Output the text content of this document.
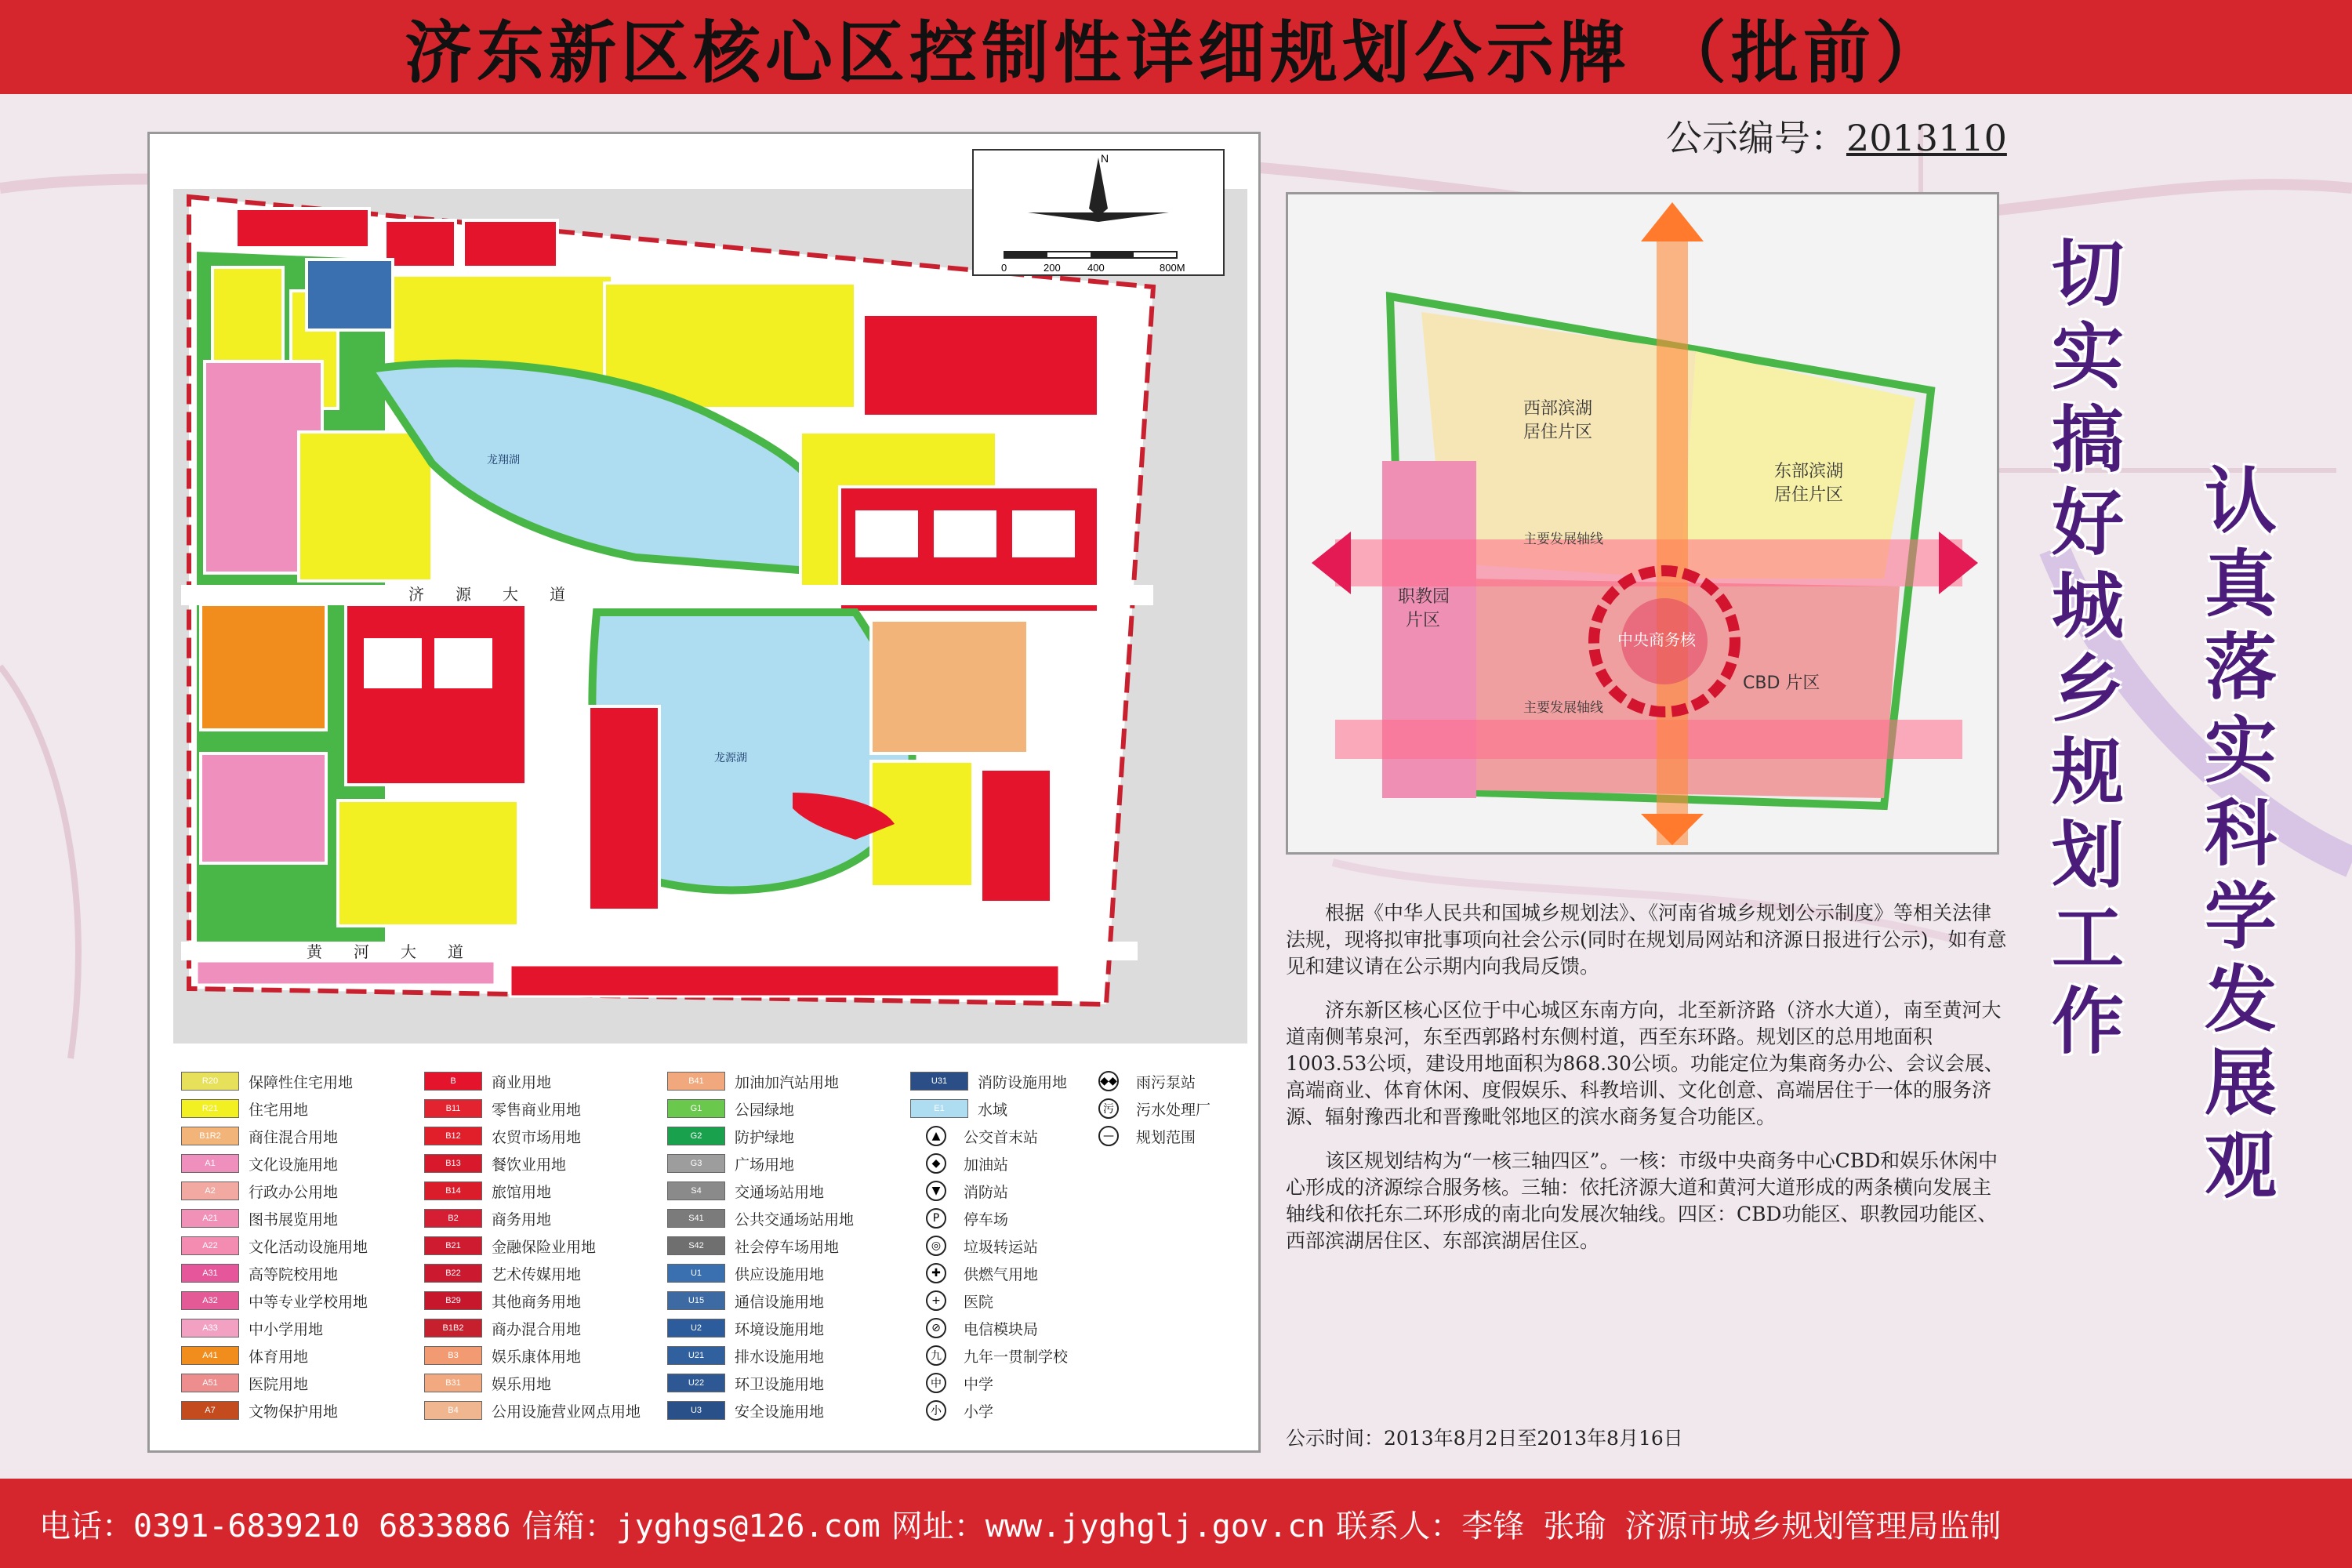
济东新区核心区控制性详细规划公示牌 （批前）
公示编号：2013110
N
0	200	400	800M
济源大道
黄河大道
龙翔湖
龙源湖
R20	保障性住宅用地
R21	住宅用地
B1R2	商住混合用地
A1	文化设施用地
A2	行政办公用地
A21	图书展览用地
A22	文化活动设施用地
A31	高等院校用地
A32	中等专业学校用地
A33	中小学用地
A41	体育用地
A51	医院用地
A7	文物保护用地
B	商业用地
B11	零售商业用地
B12	农贸市场用地
B13	餐饮业用地
B14	旅馆用地
B2	商务用地
B21	金融保险业用地
B22	艺术传媒用地
B29	其他商务用地
B1B2	商办混合用地
B3	娱乐康体用地
B31	娱乐用地
B4	公用设施营业网点用地
B41	加油加汽站用地
G1	公园绿地
G2	防护绿地
G3	广场用地
S4	交通场站用地
S41	公共交通场站用地
S42	社会停车场用地
U1	供应设施用地
U15	通信设施用地
U2	环境设施用地
U21	排水设施用地
U22	环卫设施用地
U3	安全设施用地
U31	消防设施用地
E1	水域
▲	公交首末站
◆	加油站
▼	消防站
P	停车场
◎	垃圾转运站
✚	供燃气用地
+	医院
⊘	电信模块局
九	九年一贯制学校
中	中学
小	小学
◆◆ 雨污泵站
污	污水处理厂
—	规划范围
西部滨湖
居住片区
东部滨湖
居住片区
职教园
片区
中央商务核
CBD 片区
主要发展轴线
主要发展轴线

根据《中华人民共和国城乡规划法》、《河南省城乡规划公示制度》等相关法律法规，现将拟审批事项向社会公示(同时在规划局网站和济源日报进行公示)，如有意见和建议请在公示期内向我局反馈。

济东新区核心区位于中心城区东南方向，北至新济路（济水大道），南至黄河大道南侧苇泉河，东至西郭路村东侧村道，西至东环路。规划区的总用地面积1003.53公顷，建设用地面积为868.30公顷。功能定位为集商务办公、会议会展、高端商业、体育休闲、度假娱乐、科教培训、文化创意、高端居住于一体的服务济源、辐射豫西北和晋豫毗邻地区的滨水商务复合功能区。

该区规划结构为“一核三轴四区”。一核：市级中央商务中心CBD和娱乐休闲中心形成的济源综合服务核。三轴：依托济源大道和黄河大道形成的两条横向发展主轴线和依托东二环形成的南北向发展次轴线。四区：CBD功能区、职教园功能区、西部滨湖居住区、东部滨湖居住区。

公示时间：2013年8月2日至2013年8月16日
切实搞好城乡规划工作 认真落实科学发展观
电话：0391-6839210 6833886 信箱：jyghgs@126.com 网址：www.jyghglj.gov.cn 联系人：李锋 张瑜 济源市城乡规划管理局监制
